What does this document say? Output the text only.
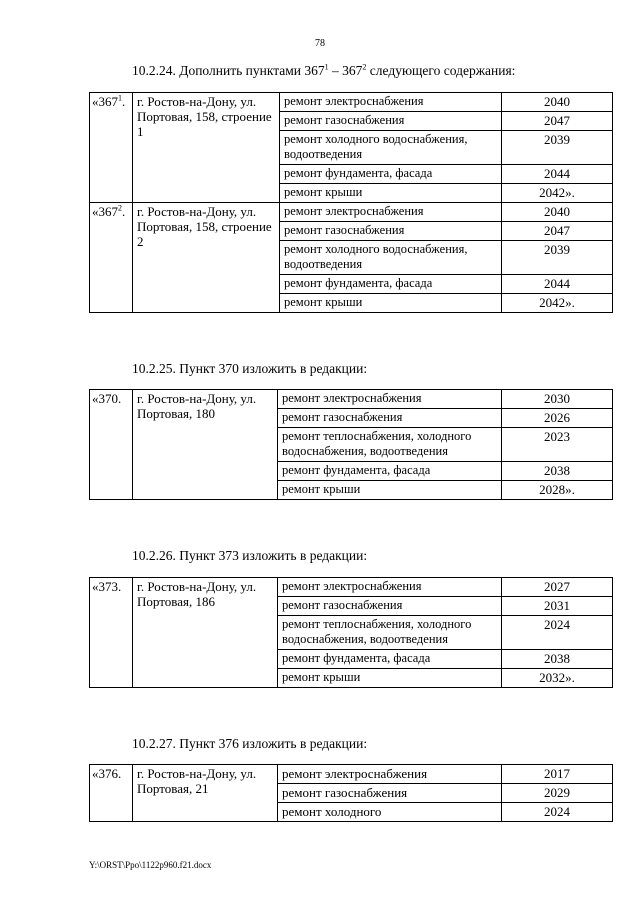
78
10.2.24. Дополнить пунктами $367^1 - 367^2$ следующего содержания:
«$367^1$.	г. Ростов-на-Дону, ул. Портовая, 158, строение 1	ремонт электроснабжения	2040
		ремонт газоснабжения	2047
		ремонт холодного водоснабжения, водоотведения	2039
		ремонт фундамента, фасада	2044
		ремонт крыши	2042».
«$367^2$.	г. Ростов-на-Дону, ул. Портовая, 158, строение 2	ремонт электроснабжения	2040
		ремонт газоснабжения	2047
		ремонт холодного водоснабжения, водоотведения	2039
		ремонт фундамента, фасада	2044
		ремонт крыши	2042».
10.2.25. Пункт 370 изложить в редакции:
«370.	г. Ростов-на-Дону, ул. Портовая, 180	ремонт электроснабжения	2030
		ремонт газоснабжения	2026
		ремонт теплоснабжения, холодного водоснабжения, водоотведения	2023
		ремонт фундамента, фасада	2038
		ремонт крыши	2028».
10.2.26. Пункт 373 изложить в редакции:
«373.	г. Ростов-на-Дону, ул. Портовая, 186	ремонт электроснабжения	2027
		ремонт газоснабжения	2031
		ремонт теплоснабжения, холодного водоснабжения, водоотведения	2024
		ремонт фундамента, фасада	2038
		ремонт крыши	2032».
10.2.27. Пункт 376 изложить в редакции:
«376.	г. Ростов-на-Дону, ул. Портовая, 21	ремонт электроснабжения	2017
		ремонт газоснабжения	2029
		ремонт холодного	2024
Y:\ORST\Ppo\1122p960.f21.docx
